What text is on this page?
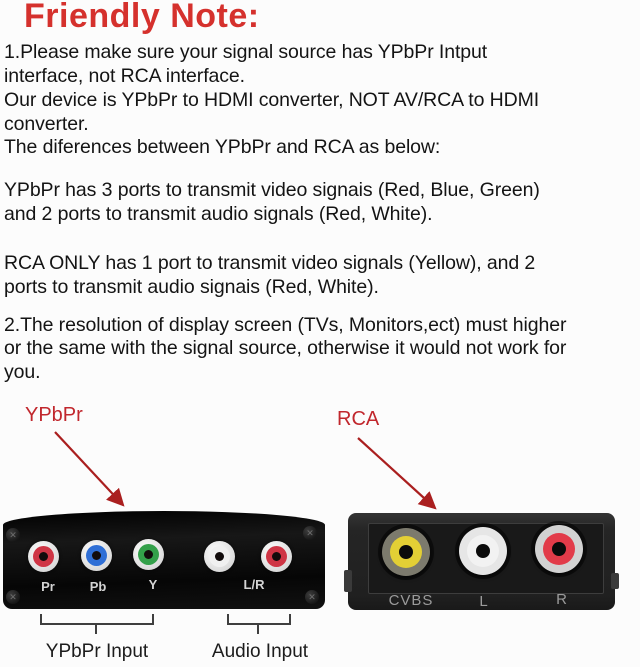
Friendly Note:
1.Please make sure your signal source has YPbPr Intput
interface, not RCA interface.
Our device is YPbPr to HDMI converter, NOT AV/RCA to HDMI
converter.
The diferences between YPbPr and RCA as below:
YPbPr has 3 ports to transmit video signais (Red, Blue, Green)
and 2 ports to transmit audio signals (Red, White).
RCA ONLY has 1 port to transmit video signals (Yellow), and 2
ports to transmit audio signais (Red, White).
2.The resolution of display screen (TVs, Monitors,ect) must higher
or the same with the signal source, otherwise it would not work for
you.
YPbPr	RCA
✕	✕
✕	✕
Pr	Pb	Y	L/R
YPbPr Input	Audio Input
CVBS	L	R
